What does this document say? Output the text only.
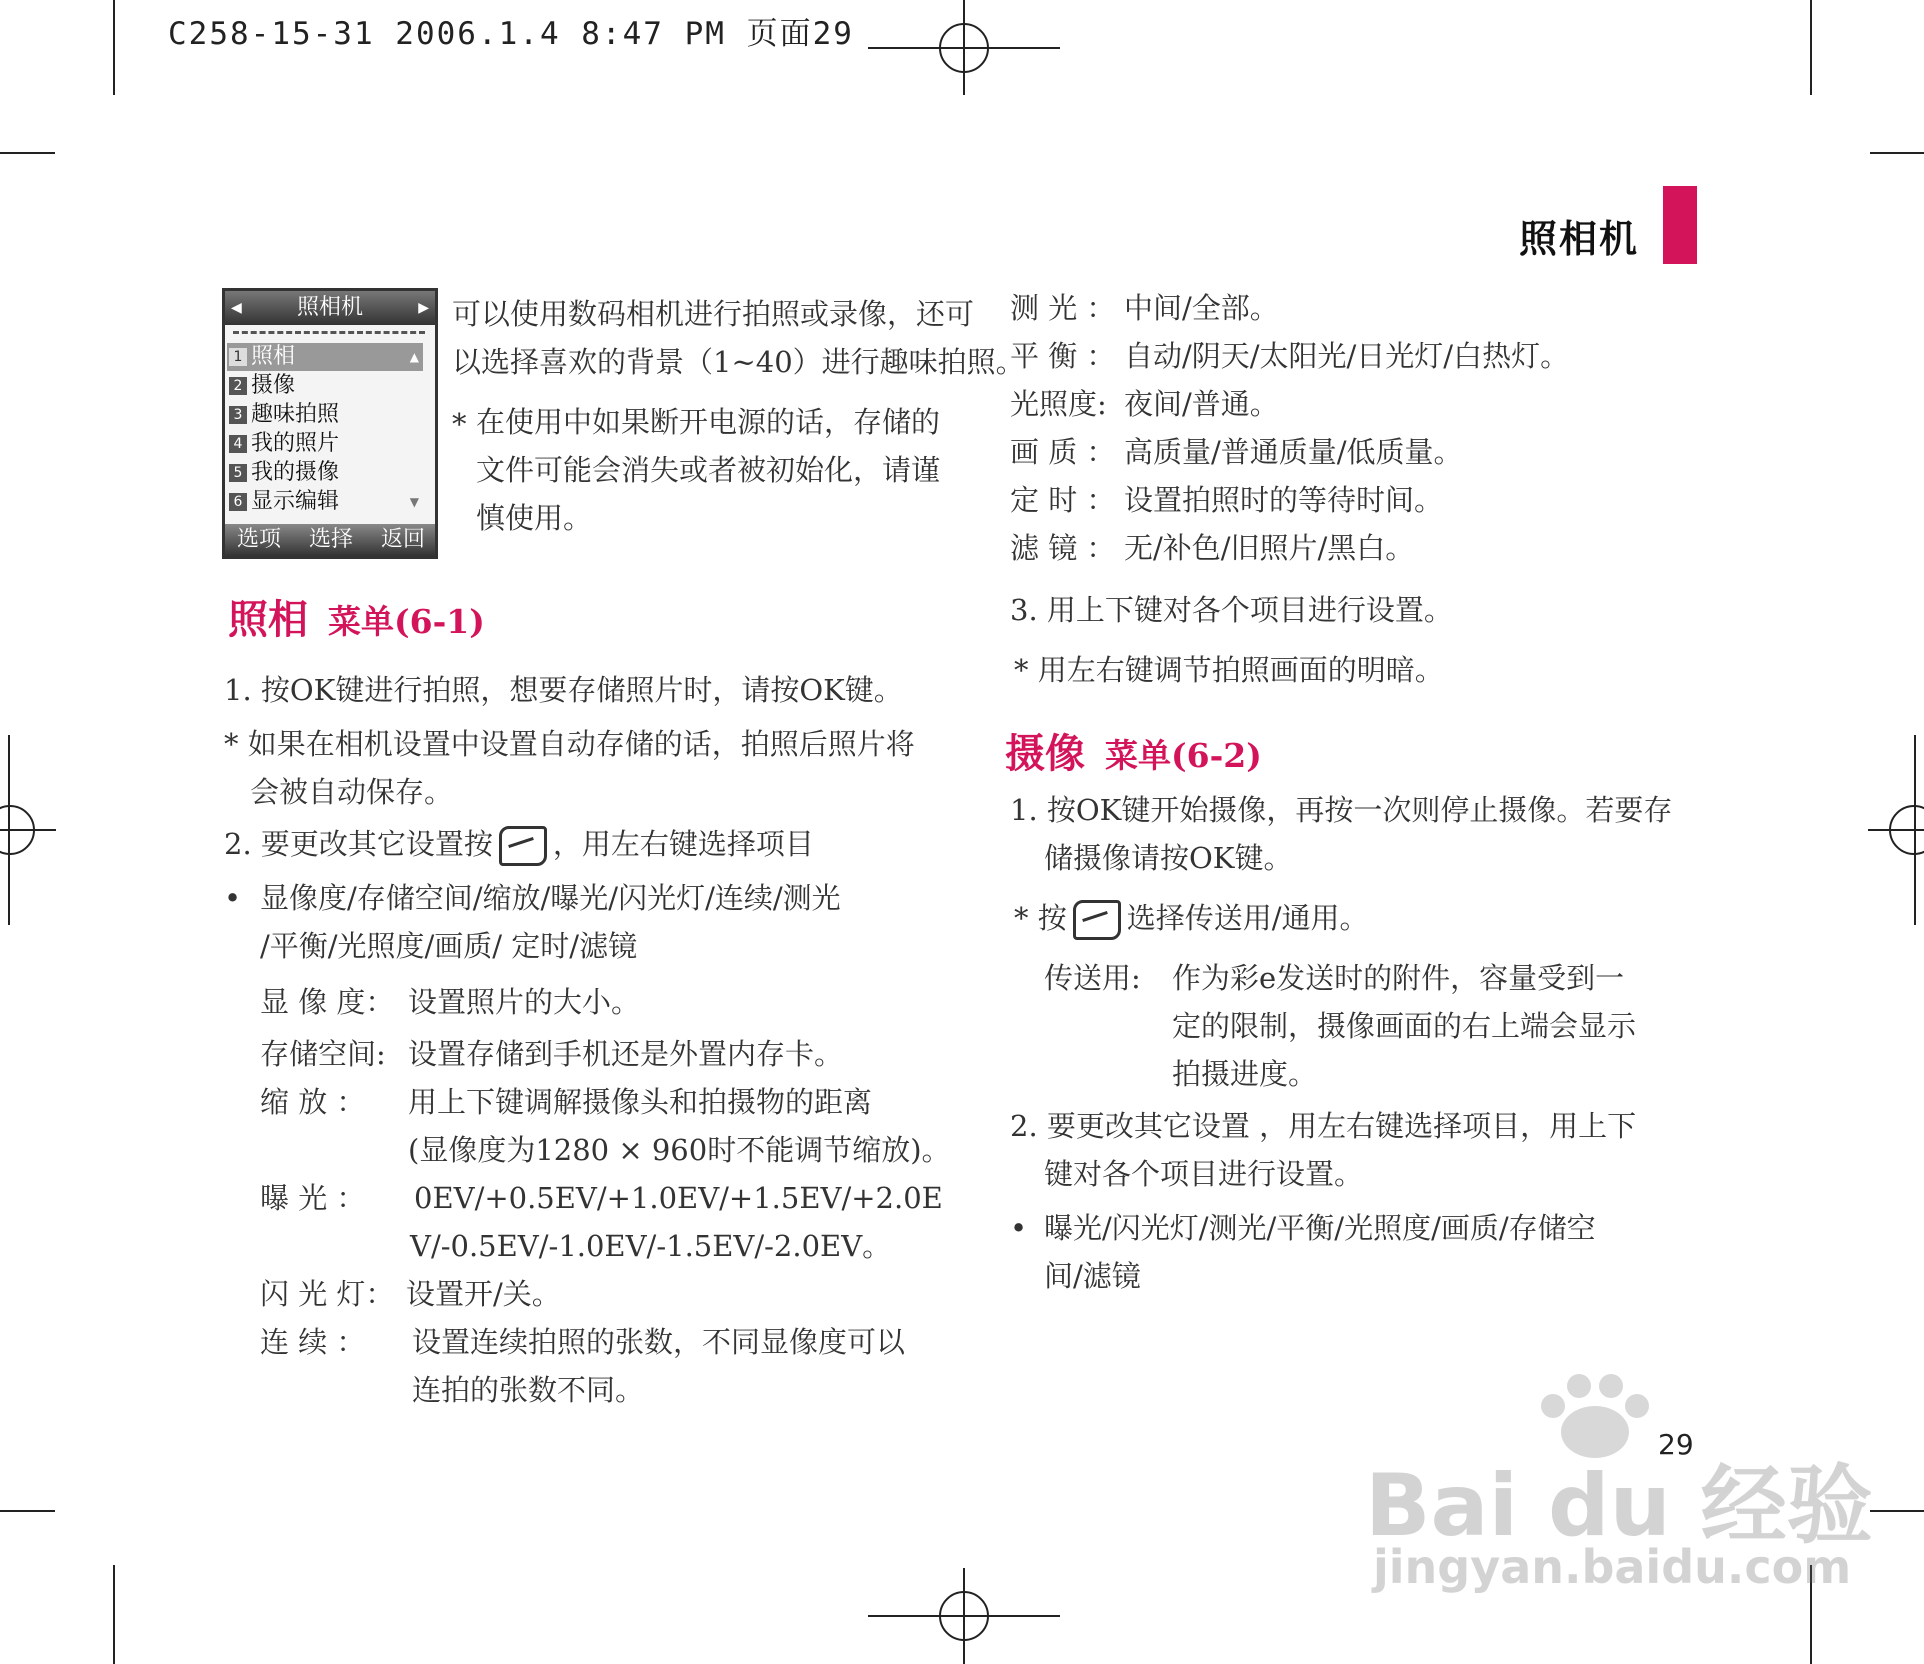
C258-15-31 2006.1.4 8:47 PM 页面29
照相机
照相机
◀	▶
1 照相	▲
2 摄像
3 趣味拍照
4 我的照片
5 我的摄像
6 显示编辑	▼
选项 选择 返回
可以使用数码相机进行拍照或录像，还可
以选择喜欢的背景（1~40）进行趣味拍照。
* 在使用中如果断开电源的话，存储的
文件可能会消失或者被初始化，请谨
慎使用。
照相 菜单(6-1)
1. 按OK键进行拍照，想要存储照片时，请按OK键。
* 如果在相机设置中设置自动存储的话，拍照后照片将
会被自动保存。
2. 要更改其它设置按 ，用左右键选择项目
• 显像度/存储空间/缩放/曝光/闪光灯/连续/测光
/平衡/光照度/画质/ 定时/滤镜
显 像 度： 设置照片的大小。
存储空间: 设置存储到手机还是外置内存卡。
缩 放 ： 用上下键调解摄像头和拍摄物的距离
(显像度为1280 × 960时不能调节缩放)。
曝 光 ： 0EV/+0.5EV/+1.0EV/+1.5EV/+2.0E
V/-0.5EV/-1.0EV/-1.5EV/-2.0EV。
闪 光 灯： 设置开/关。
连 续 ： 设置连续拍照的张数，不同显像度可以
连拍的张数不同。
测 光 ： 中间/全部。
平 衡 ： 自动/阴天/太阳光/日光灯/白热灯。
光照度: 夜间/普通。
画 质 ： 高质量/普通质量/低质量。
定 时 ： 设置拍照时的等待时间。
滤 镜 ： 无/补色/旧照片/黑白。
3. 用上下键对各个项目进行设置。
* 用左右键调节拍照画面的明暗。
摄像 菜单(6-2)
1. 按OK键开始摄像，再按一次则停止摄像。若要存
储摄像请按OK键。
* 按 选择传送用/通用。
传送用: 作为彩e发送时的附件，容量受到一
定的限制，摄像画面的右上端会显示
拍摄进度。
2. 要更改其它设置 ，用左右键选择项目，用上下
键对各个项目进行设置。
• 曝光/闪光灯/测光/平衡/光照度/画质/存储空
间/滤镜
29
Bai du 经验
jingyan.baidu.com
